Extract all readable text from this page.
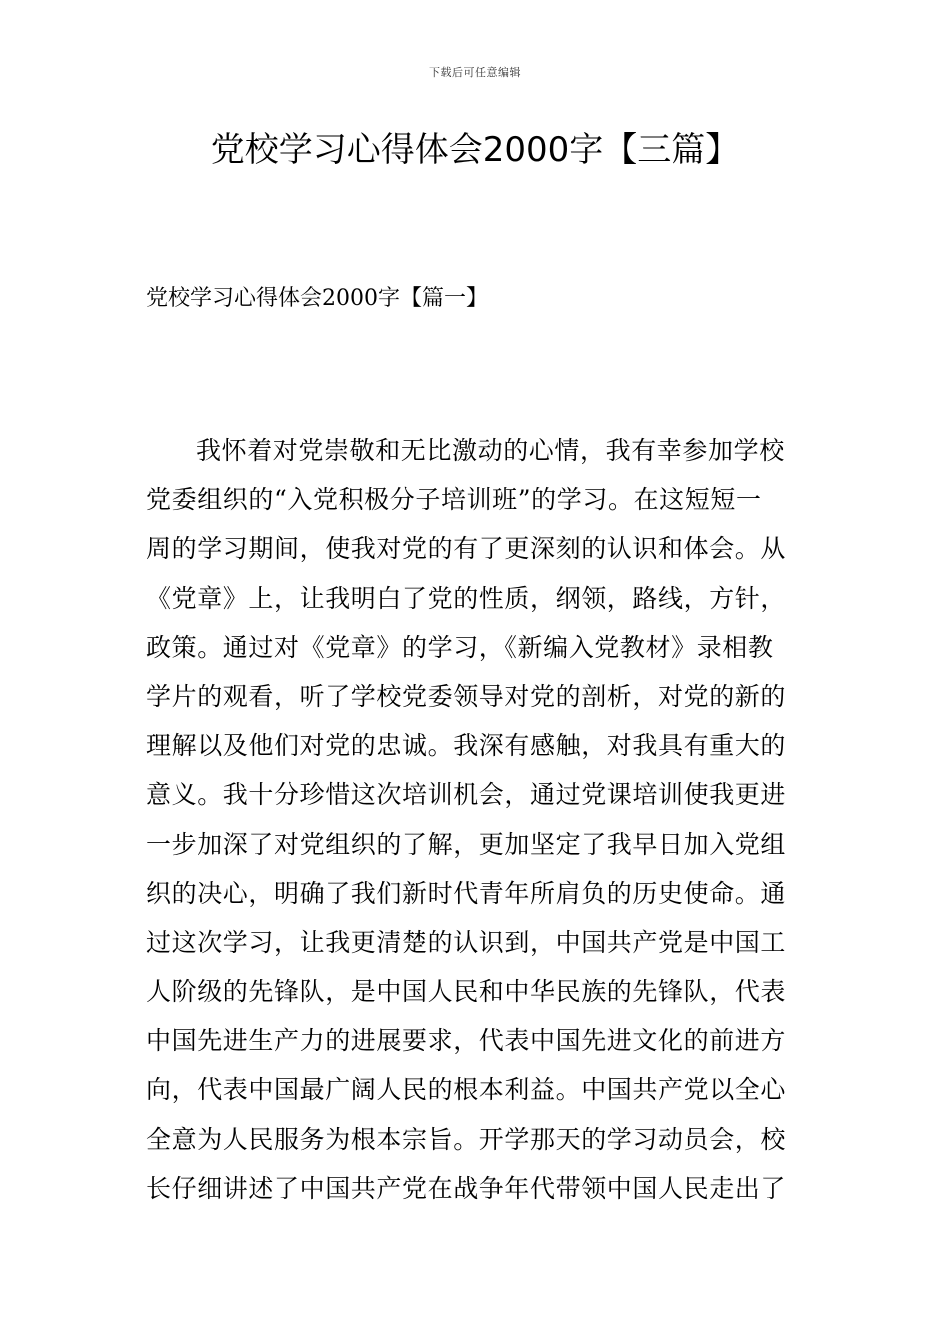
下载后可任意编辑
党校学习心得体会2000字【三篇】
党校学习心得体会2000字【篇一】
我怀着对党崇敬和无比激动的心情，我有幸参加学校
党委组织的“入党积极分子培训班”的学习。在这短短一
周的学习期间，使我对党的有了更深刻的认识和体会。从
《党章》上，让我明白了党的性质，纲领，路线，方针，
政策。通过对《党章》的学习，《新编入党教材》录相教
学片的观看，听了学校党委领导对党的剖析，对党的新的
理解以及他们对党的忠诚。我深有感触，对我具有重大的
意义。我十分珍惜这次培训机会，通过党课培训使我更进
一步加深了对党组织的了解，更加坚定了我早日加入党组
织的决心，明确了我们新时代青年所肩负的历史使命。通
过这次学习，让我更清楚的认识到，中国共产党是中国工
人阶级的先锋队，是中国人民和中华民族的先锋队，代表
中国先进生产力的进展要求，代表中国先进文化的前进方
向，代表中国最广阔人民的根本利益。中国共产党以全心
全意为人民服务为根本宗旨。开学那天的学习动员会，校
长仔细讲述了中国共产党在战争年代带领中国人民走出了
